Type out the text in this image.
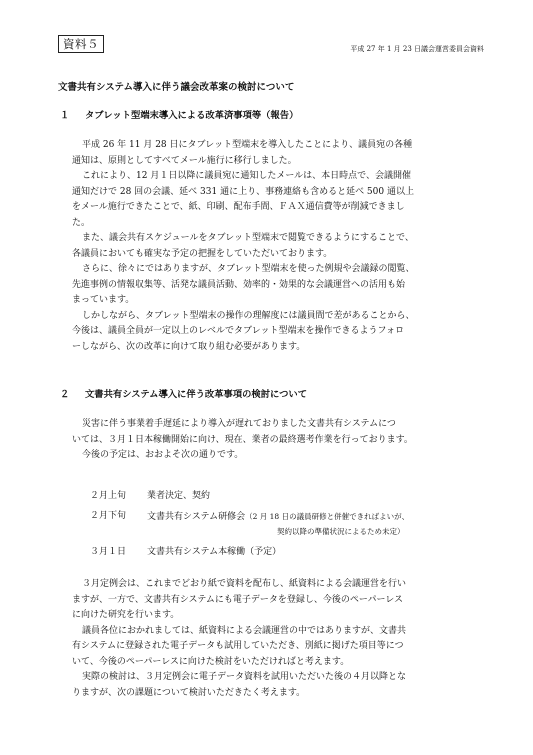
資料５	平成 27 年 1 月 23 日議会運営委員会資料
文書共有システム導入に伴う議会改革案の検討について
１ タブレット型端末導入による改革済事項等（報告）
平成 26 年 11 月 28 日にタブレット型端末を導入したことにより、議員宛の各種
通知は、原則としてすべてメール施行に移行しました。
これにより、12 月１日以降に議員宛に通知したメールは、本日時点で、会議開催
通知だけで 28 回の会議、延べ 331 通に上り、事務連絡も含めると延べ 500 通以上
をメール施行できたことで、紙、印刷、配布手間、ＦＡＸ通信費等が削減できまし
た。
また、議会共有スケジュールをタブレット型端末で閲覧できるようにすることで、
各議員においても確実な予定の把握をしていただいております。
さらに、徐々にではありますが、タブレット型端末を使った例規や会議録の閲覧、
先進事例の情報収集等、活発な議員活動、効率的・効果的な会議運営への活用も始
まっています。
しかしながら、タブレット型端末の操作の理解度には議員間で差があることから、
今後は、議員全員が一定以上のレベルでタブレット型端末を操作できるようフォロ
ーしながら、次の改革に向けて取り組む必要があります。
２ 文書共有システム導入に伴う改革事項の検討について
災害に伴う事業着手遅延により導入が遅れておりました文書共有システムにつ
いては、３月１日本稼働開始に向け、現在、業者の最終選考作業を行っております。
今後の予定は、おおよそ次の通りです。
２月上旬 業者決定、契約
２月下旬 文書共有システム研修会（2 月 18 日の議員研修と併催できればよいが、
契約以降の準備状況によるため未定）
３月１日 文書共有システム本稼働（予定）
３月定例会は、これまでどおり紙で資料を配布し、紙資料による会議運営を行い
ますが、一方で、文書共有システムにも電子データを登録し、今後のペーパーレス
に向けた研究を行います。
議員各位におかれましては、紙資料による会議運営の中ではありますが、文書共
有システムに登録された電子データも試用していただき、別紙に掲げた項目等につ
いて、今後のペーパーレスに向けた検討をいただければと考えます。
実際の検討は、３月定例会に電子データ資料を試用いただいた後の４月以降とな
りますが、次の課題について検討いただきたく考えます。
